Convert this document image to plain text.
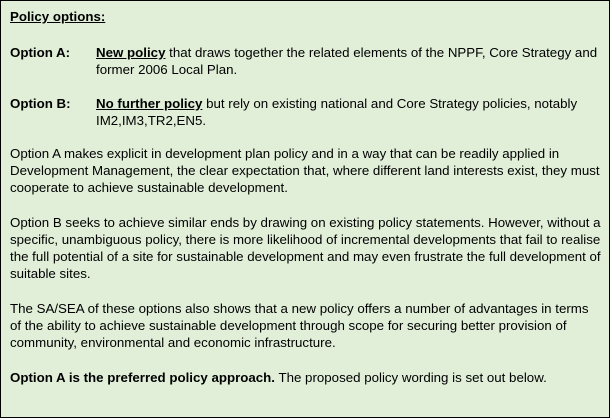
Policy options:

Option A: New policy that draws together the related elements of the NPPF, Core Strategy and former 2006 Local Plan.
Option B: No further policy but rely on existing national and Core Strategy policies, notably IM2,IM3,TR2,EN5.

Option A makes explicit in development plan policy and in a way that can be readily applied in Development Management, the clear expectation that, where different land interests exist, they must cooperate to achieve sustainable development.

Option B seeks to achieve similar ends by drawing on existing policy statements. However, without a specific, unambiguous policy, there is more likelihood of incremental developments that fail to realise the full potential of a site for sustainable development and may even frustrate the full development of suitable sites.

The SA/SEA of these options also shows that a new policy offers a number of advantages in terms of the ability to achieve sustainable development through scope for securing better provision of community, environmental and economic infrastructure.

Option A is the preferred policy approach. The proposed policy wording is set out below.
